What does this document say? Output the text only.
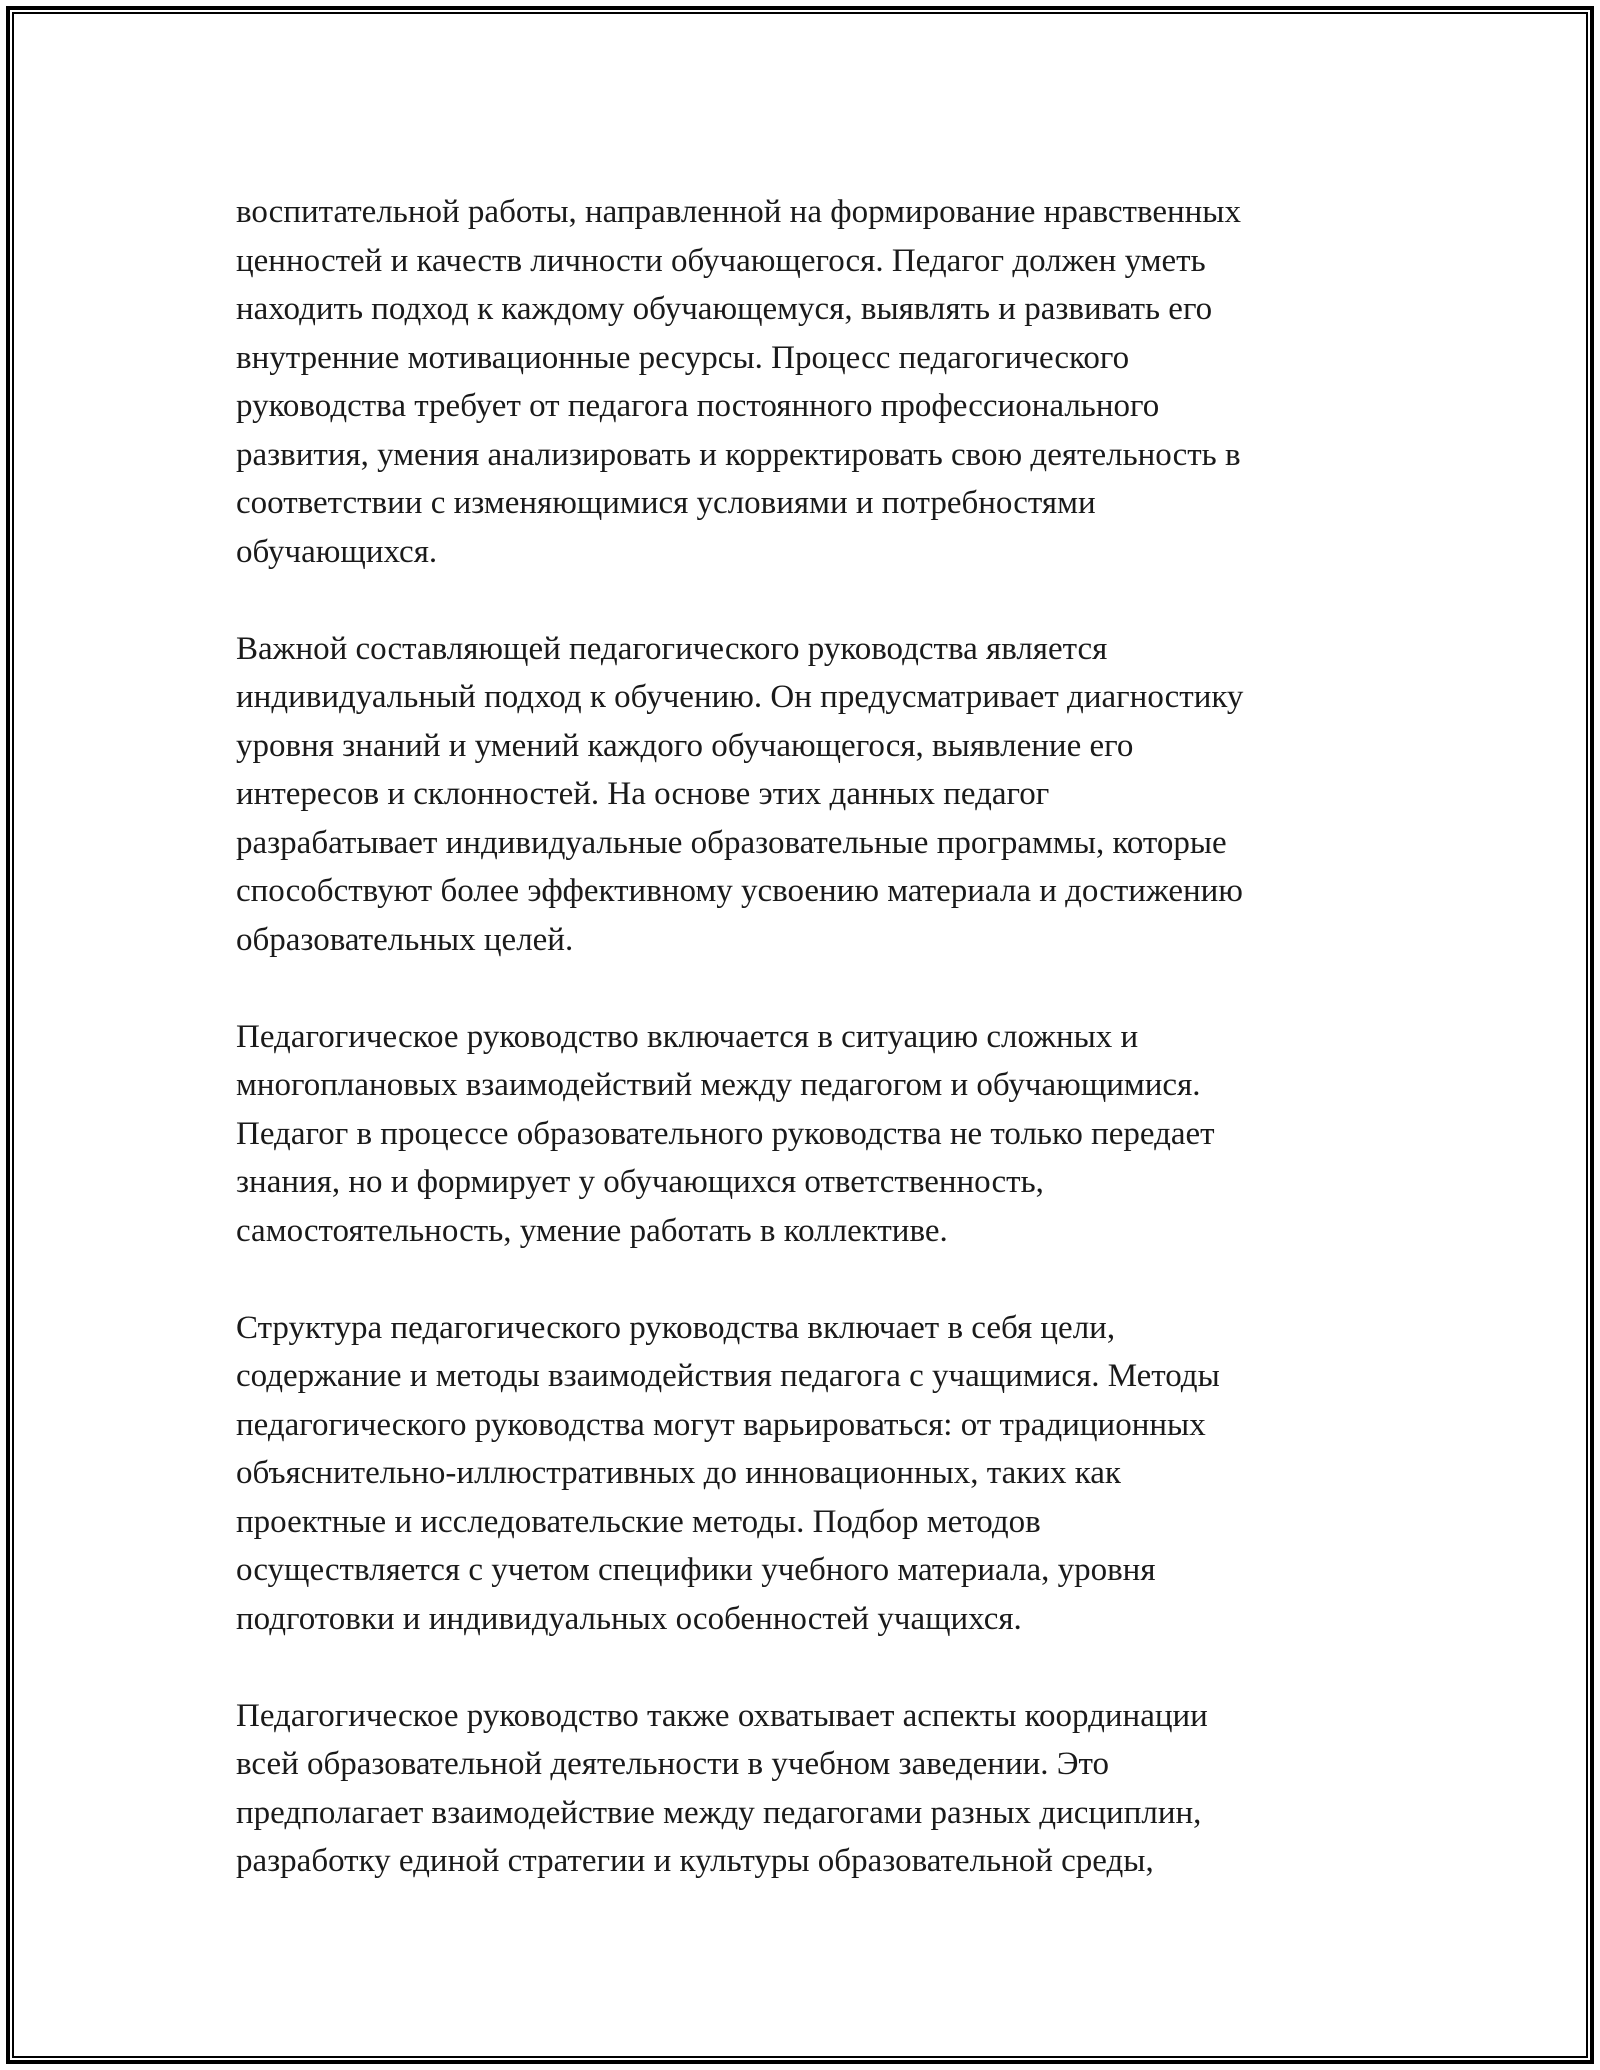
воспитательной работы, направленной на формирование нравственных
ценностей и качеств личности обучающегося. Педагог должен уметь
находить подход к каждому обучающемуся, выявлять и развивать его
внутренние мотивационные ресурсы. Процесс педагогического
руководства требует от педагога постоянного профессионального
развития, умения анализировать и корректировать свою деятельность в
соответствии с изменяющимися условиями и потребностями
обучающихся.
Важной составляющей педагогического руководства является
индивидуальный подход к обучению. Он предусматривает диагностику
уровня знаний и умений каждого обучающегося, выявление его
интересов и склонностей. На основе этих данных педагог
разрабатывает индивидуальные образовательные программы, которые
способствуют более эффективному усвоению материала и достижению
образовательных целей.
Педагогическое руководство включается в ситуацию сложных и
многоплановых взаимодействий между педагогом и обучающимися.
Педагог в процессе образовательного руководства не только передает
знания, но и формирует у обучающихся ответственность,
самостоятельность, умение работать в коллективе.
Структура педагогического руководства включает в себя цели,
содержание и методы взаимодействия педагога с учащимися. Методы
педагогического руководства могут варьироваться: от традиционных
объяснительно-иллюстративных до инновационных, таких как
проектные и исследовательские методы. Подбор методов
осуществляется с учетом специфики учебного материала, уровня
подготовки и индивидуальных особенностей учащихся.
Педагогическое руководство также охватывает аспекты координации
всей образовательной деятельности в учебном заведении. Это
предполагает взаимодействие между педагогами разных дисциплин,
разработку единой стратегии и культуры образовательной среды,
